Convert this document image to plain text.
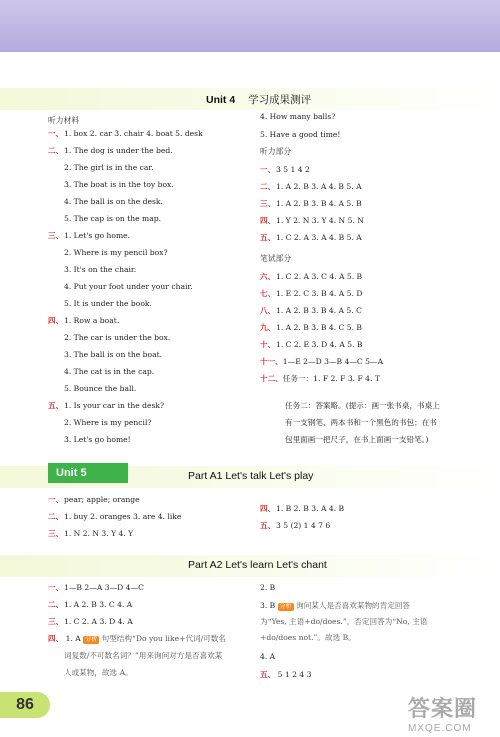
Unit 4 学习成果测评
听力材料
一、1. box 2. car 3. chair 4. boat 5. desk
二、1. The dog is under the bed.
2. The girl is in the car.
3. The boat is in the toy box.
4. The ball is on the desk.
5. The cap is on the map.
三、1. Let's go home.
2. Where is my pencil box?
3. It's on the chair.
4. Put your foot under your chair.
5. It is under the book.
四、1. Row a boat.
2. The car is under the box.
3. The ball is on the boat.
4. The cat is in the cap.
5. Bounce the ball.
五、1. Is your car in the desk?
2. Where is my pencil?
3. Let's go home!
4. How many balls?
5. Have a good time!
听力部分
一、3 5 1 4 2
二、1. A 2. B 3. A 4. B 5. A
三、1. A 2. B 3. B 4. A 5. B
四、1. Y 2. N 3. Y 4. N 5. N
五、1. C 2. A 3. A 4. B 5. A
笔试部分
六、1. C 2. A 3. C 4. A 5. B
七、1. E 2. C 3. B 4. A 5. D
八、1. A 2. B 3. B 4. A 5. C
九、1. A 2. B 3. B 4. C 5. B
十、1. C 2. E 3. D 4. A 5. B
十一、1—E 2—D 3—B 4—C 5—A
十二、任务一：1. F 2. F 3. F 4. T
任务二：答案略。(提示：画一张书桌，书桌上
有一支钢笔、两本书和一个黑色的书包；在书
包里面画一把尺子，在书上面画一支铅笔。)
Unit 5	Part A1 Let's talk Let's play
一、pear; apple; orange
二、1. buy 2. oranges 3. are 4. like
三、1. N 2. N 3. Y 4. Y
四、1. B 2. B 3. A 4. B
五、3 5 (2) 1 4 7 6
Part A2 Let's learn Let's chant
一、1—B 2—A 3—D 4—C
二、1. A 2. B 3. C 4. A
三、1. C 2. A 3. D 4. A
四、 1. A 分析 句型结构“Do you like+代词/可数名
词复数/不可数名词？”用来询问对方是否喜欢某
人或某物，故选 A。
2. B
3. B 分析 询问某人是否喜欢某物的肯定回答
为“Yes, 主语+do/does.”，否定回答为“No, 主语
+do/does not.”。故选 B。
4. A
五、 5 1 2 4 3
86	答案圈
MXQE.COM
